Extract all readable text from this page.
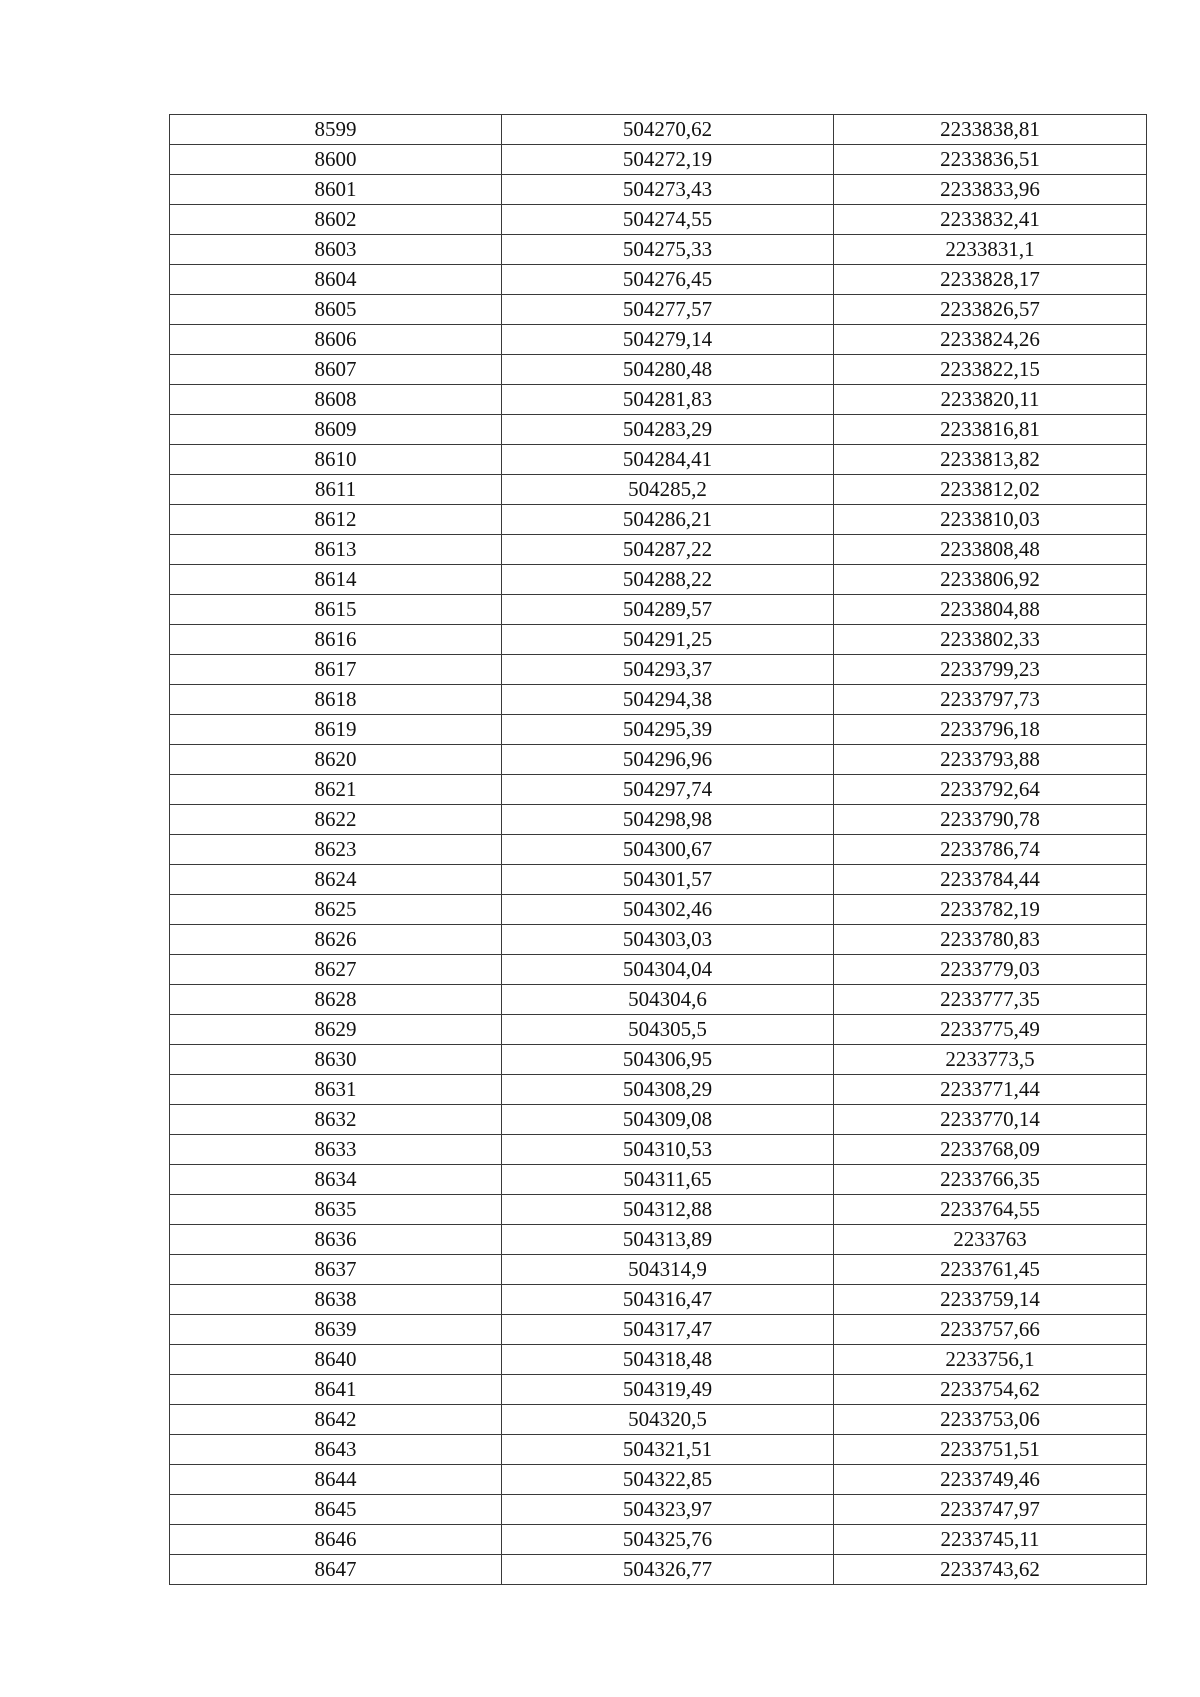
8599	504270,62	2233838,81
8600	504272,19	2233836,51
8601	504273,43	2233833,96
8602	504274,55	2233832,41
8603	504275,33	2233831,1
8604	504276,45	2233828,17
8605	504277,57	2233826,57
8606	504279,14	2233824,26
8607	504280,48	2233822,15
8608	504281,83	2233820,11
8609	504283,29	2233816,81
8610	504284,41	2233813,82
8611	504285,2	2233812,02
8612	504286,21	2233810,03
8613	504287,22	2233808,48
8614	504288,22	2233806,92
8615	504289,57	2233804,88
8616	504291,25	2233802,33
8617	504293,37	2233799,23
8618	504294,38	2233797,73
8619	504295,39	2233796,18
8620	504296,96	2233793,88
8621	504297,74	2233792,64
8622	504298,98	2233790,78
8623	504300,67	2233786,74
8624	504301,57	2233784,44
8625	504302,46	2233782,19
8626	504303,03	2233780,83
8627	504304,04	2233779,03
8628	504304,6	2233777,35
8629	504305,5	2233775,49
8630	504306,95	2233773,5
8631	504308,29	2233771,44
8632	504309,08	2233770,14
8633	504310,53	2233768,09
8634	504311,65	2233766,35
8635	504312,88	2233764,55
8636	504313,89	2233763
8637	504314,9	2233761,45
8638	504316,47	2233759,14
8639	504317,47	2233757,66
8640	504318,48	2233756,1
8641	504319,49	2233754,62
8642	504320,5	2233753,06
8643	504321,51	2233751,51
8644	504322,85	2233749,46
8645	504323,97	2233747,97
8646	504325,76	2233745,11
8647	504326,77	2233743,62
